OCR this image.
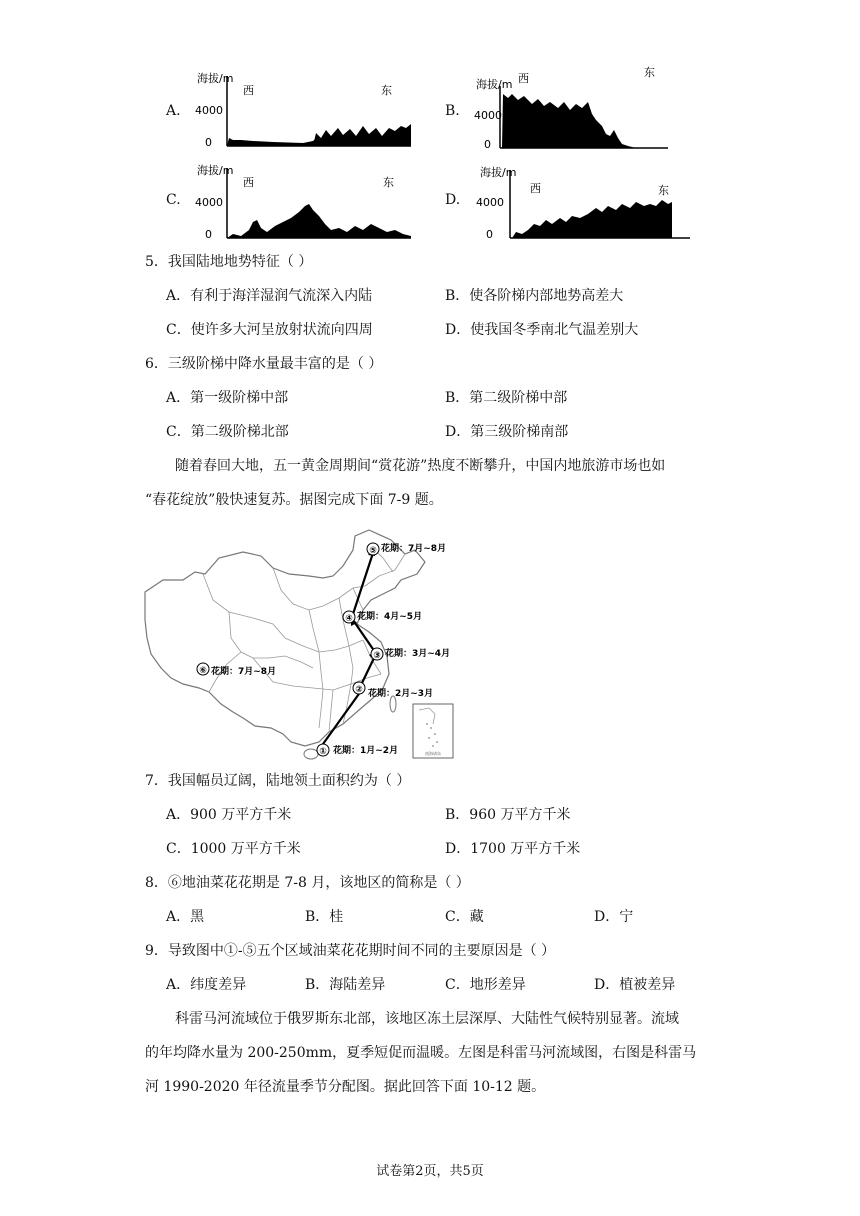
A.
海拔/m
西	东
4000
0
B.
海拔/m 西	东
4000
0
C.
海拔/m
西	东
4000
0
D.
海拔/m
西	东
4000
0
5．我国陆地地势特征（ ）
A．有利于海洋湿润气流深入内陆	B．使各阶梯内部地势高差大
C．使许多大河呈放射状流向四周	D．使我国冬季南北气温差别大
6．三级阶梯中降水量最丰富的是（ ）
A．第一级阶梯中部	B．第二级阶梯中部
C．第二级阶梯北部	D．第三级阶梯南部
随着春回大地，五一黄金周期间“赏花游”热度不断攀升，中国内地旅游市场也如
“春花绽放”般快速复苏。据图完成下面 7-9 题。
①
②
③
④
⑤
⑥
花期：1月~2月
花期：2月~3月
花期：3月~4月
花期：4月~5月
花期：7月~8月
花期：7月~8月
南海诸岛
7．我国幅员辽阔，陆地领土面积约为（ ）
A．900 万平方千米	B．960 万平方千米
C．1000 万平方千米	D．1700 万平方千米
8．⑥地油菜花花期是 7-8 月，该地区的简称是（ ）
A．黑	B．桂	C．藏	D．宁
9．导致图中①-⑤五个区域油菜花花期时间不同的主要原因是（ ）
A．纬度差异	B．海陆差异	C．地形差异	D．植被差异
科雷马河流域位于俄罗斯东北部，该地区冻土层深厚、大陆性气候特别显著。流域
的年均降水量为 200-250mm，夏季短促而温暖。左图是科雷马河流域图，右图是科雷马
河 1990-2020 年径流量季节分配图。据此回答下面 10-12 题。
试卷第2页，共5页
